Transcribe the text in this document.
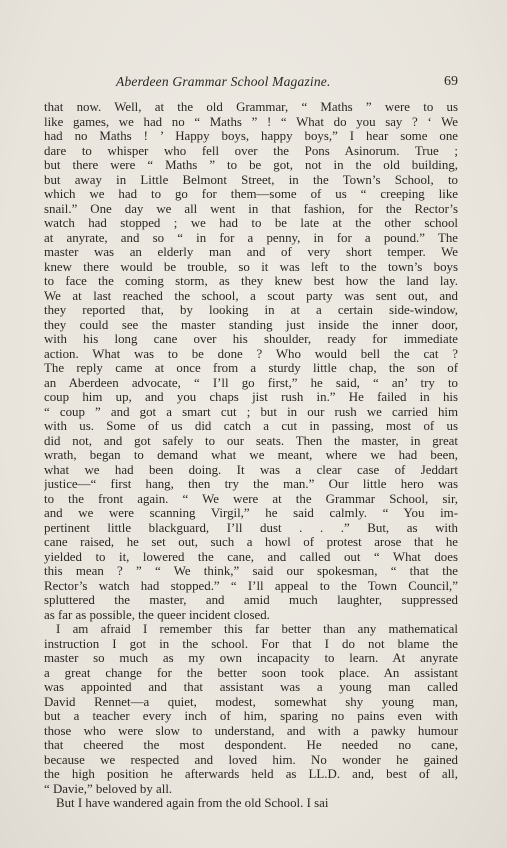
Aberdeen Grammar School Magazine.	69
that now. Well, at the old Grammar, “ Maths ” were to us
like games, we had no “ Maths ” ! “ What do you say ? ‘ We
had no Maths ! ’ Happy boys, happy boys,” I hear some one
dare to whisper who fell over the Pons Asinorum. True ;
but there were “ Maths ” to be got, not in the old building,
but away in Little Belmont Street, in the Town’s School, to
which we had to go for them—some of us “ creeping like
snail.” One day we all went in that fashion, for the Rector’s
watch had stopped ; we had to be late at the other school
at anyrate, and so “ in for a penny, in for a pound.” The
master was an elderly man and of very short temper. We
knew there would be trouble, so it was left to the town’s boys
to face the coming storm, as they knew best how the land lay.
We at last reached the school, a scout party was sent out, and
they reported that, by looking in at a certain side-window,
they could see the master standing just inside the inner door,
with his long cane over his shoulder, ready for immediate
action. What was to be done ? Who would bell the cat ?
The reply came at once from a sturdy little chap, the son of
an Aberdeen advocate, “ I’ll go first,” he said, “ an’ try to
coup him up, and you chaps jist rush in.” He failed in his
“ coup ” and got a smart cut ; but in our rush we carried him
with us. Some of us did catch a cut in passing, most of us
did not, and got safely to our seats. Then the master, in great
wrath, began to demand what we meant, where we had been,
what we had been doing. It was a clear case of Jeddart
justice—“ first hang, then try the man.” Our little hero was
to the front again. “ We were at the Grammar School, sir,
and we were scanning Virgil,” he said calmly. “ You im-
pertinent little blackguard, I’ll dust . . .” But, as with
cane raised, he set out, such a howl of protest arose that he
yielded to it, lowered the cane, and called out “ What does
this mean ? ” “ We think,” said our spokesman, “ that the
Rector’s watch had stopped.” “ I’ll appeal to the Town Council,”
spluttered the master, and amid much laughter, suppressed
as far as possible, the queer incident closed.
I am afraid I remember this far better than any mathematical
instruction I got in the school. For that I do not blame the
master so much as my own incapacity to learn. At anyrate
a great change for the better soon took place. An assistant
was appointed and that assistant was a young man called
David Rennet—a quiet, modest, somewhat shy young man,
but a teacher every inch of him, sparing no pains even with
those who were slow to understand, and with a pawky humour
that cheered the most despondent. He needed no cane,
because we respected and loved him. No wonder he gained
the high position he afterwards held as LL.D. and, best of all,
“ Davie,” beloved by all.
But I have wandered again from the old School. I sai
